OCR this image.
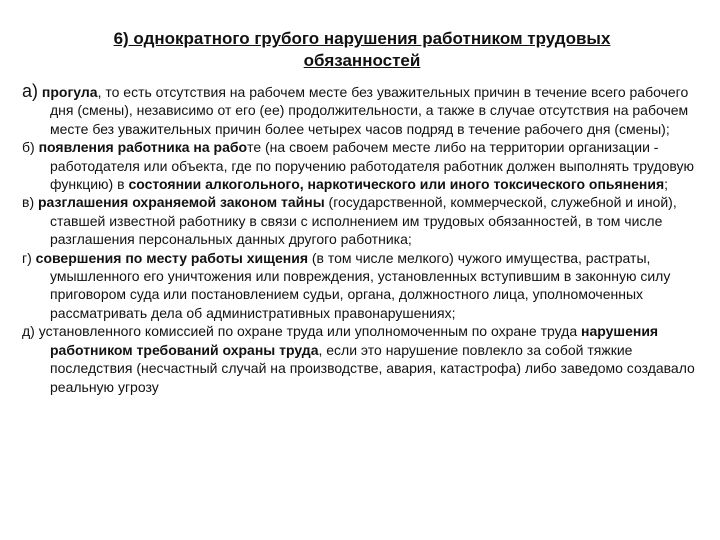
6) однократного грубого нарушения работником трудовых обязанностей

а) прогула, то есть отсутствия на рабочем месте без уважительных причин в течение всего рабочего дня (смены), независимо от его (ее) продолжительности, а также в случае отсутствия на рабочем месте без уважительных причин более четырех часов подряд в течение рабочего дня (смены);

б) появления работника на работе (на своем рабочем месте либо на территории организации - работодателя или объекта, где по поручению работодателя работник должен выполнять трудовую функцию) в состоянии алкогольного, наркотического или иного токсического опьянения;

в) разглашения охраняемой законом тайны (государственной, коммерческой, служебной и иной), ставшей известной работнику в связи с исполнением им трудовых обязанностей, в том числе разглашения персональных данных другого работника;

г) совершения по месту работы хищения (в том числе мелкого) чужого имущества, растраты, умышленного его уничтожения или повреждения, установленных вступившим в законную силу приговором суда или постановлением судьи, органа, должностного лица, уполномоченных рассматривать дела об административных правонарушениях;

д) установленного комиссией по охране труда или уполномоченным по охране труда нарушения работником требований охраны труда, если это нарушение повлекло за собой тяжкие последствия (несчастный случай на производстве, авария, катастрофа) либо заведомо создавало реальную угрозу
